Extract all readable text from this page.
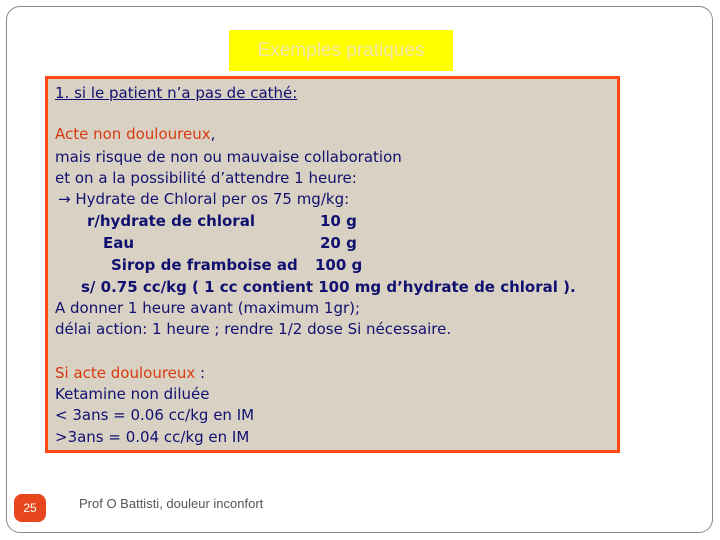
Exemples pratiques
1. si le patient n’a pas de cathé:
Acte non douloureux,
mais risque de non ou mauvaise collaboration
et on a la possibilité d’attendre 1 heure:
→ Hydrate de Chloral per os 75 mg/kg:
r/hydrate de chloral	10 g
Eau	20 g
Sirop de framboise ad 100 g
s/ 0.75 cc/kg ( 1 cc contient 100 mg d’hydrate de chloral ).
A donner 1 heure avant (maximum 1gr);
délai action: 1 heure ; rendre 1/2 dose Si nécessaire.
Si acte douloureux :
Ketamine non diluée
< 3ans = 0.06 cc/kg en IM
>3ans = 0.04 cc/kg en IM
25	Prof O Battisti, douleur inconfort
